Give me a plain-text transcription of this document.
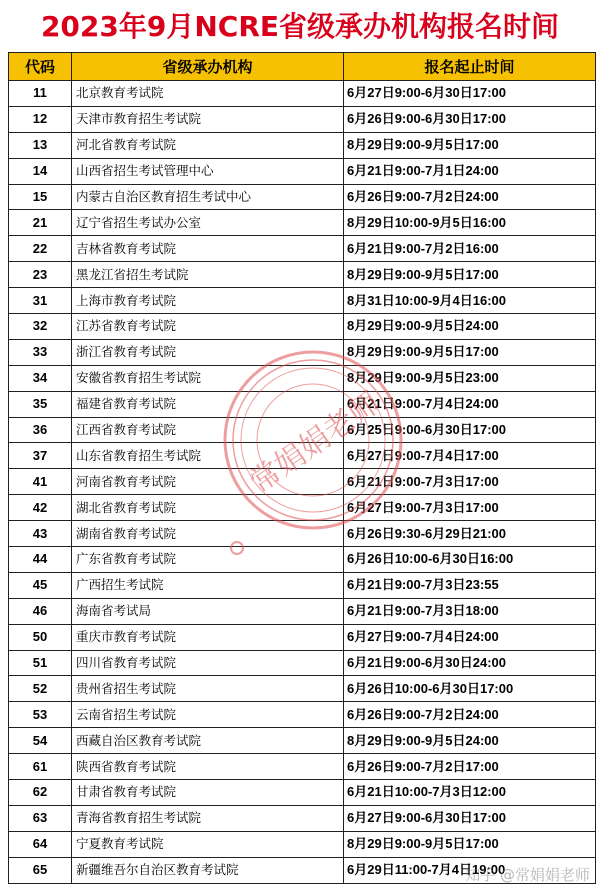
2023年9月NCRE省级承办机构报名时间
代码	省级承办机构	报名起止时间
11	北京教育考试院	6月27日9:00-6月30日17:00
12	天津市教育招生考试院	6月26日9:00-6月30日17:00
13	河北省教育考试院	8月29日9:00-9月5日17:00
14	山西省招生考试管理中心	6月21日9:00-7月1日24:00
15	内蒙古自治区教育招生考试中心	6月26日9:00-7月2日24:00
21	辽宁省招生考试办公室	8月29日10:00-9月5日16:00
22	吉林省教育考试院	6月21日9:00-7月2日16:00
23	黑龙江省招生考试院	8月29日9:00-9月5日17:00
31	上海市教育考试院	8月31日10:00-9月4日16:00
32	江苏省教育考试院	8月29日9:00-9月5日24:00
33	浙江省教育考试院	8月29日9:00-9月5日17:00
34	安徽省教育招生考试院	8月29日9:00-9月5日23:00
35	福建省教育考试院	6月21日9:00-7月4日24:00
36	江西省教育考试院	6月25日9:00-6月30日17:00
37	山东省教育招生考试院	6月27日9:00-7月4日17:00
41	河南省教育考试院	6月21日9:00-7月3日17:00
42	湖北省教育考试院	6月27日9:00-7月3日17:00
43	湖南省教育考试院	6月26日9:30-6月29日21:00
44	广东省教育考试院	6月26日10:00-6月30日16:00
45	广西招生考试院	6月21日9:00-7月3日23:55
46	海南省考试局	6月21日9:00-7月3日18:00
50	重庆市教育考试院	6月27日9:00-7月4日24:00
51	四川省教育考试院	6月21日9:00-6月30日24:00
52	贵州省招生考试院	6月26日10:00-6月30日17:00
53	云南省招生考试院	6月26日9:00-7月2日24:00
54	西藏自治区教育考试院	8月29日9:00-9月5日24:00
61	陕西省教育考试院	6月26日9:00-7月2日17:00
62	甘肃省教育考试院	6月21日10:00-7月3日12:00
63	青海省教育招生考试院	6月27日9:00-6月30日17:00
64	宁夏教育考试院	8月29日9:00-9月5日17:00
65	新疆维吾尔自治区教育考试院	6月29日11:00-7月4日19:00
常娟娟老师
知乎 @常娟娟老师
